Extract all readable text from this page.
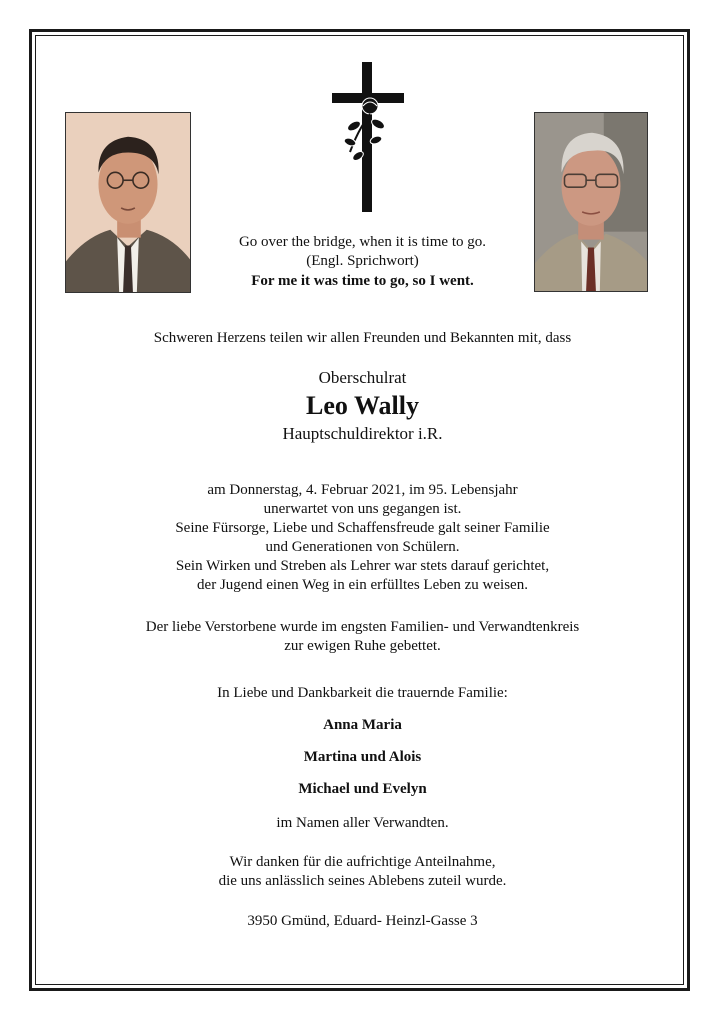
Go over the bridge, when it is time to go.
(Engl. Sprichwort)
For me it was time to go, so I went.
Schweren Herzens teilen wir allen Freunden und Bekannten mit, dass
Oberschulrat
Leo Wally
Hauptschuldirektor i.R.
am Donnerstag, 4. Februar 2021, im 95. Lebensjahr
unerwartet von uns gegangen ist.
Seine Fürsorge, Liebe und Schaffensfreude galt seiner Familie
und Generationen von Schülern.
Sein Wirken und Streben als Lehrer war stets darauf gerichtet,
der Jugend einen Weg in ein erfülltes Leben zu weisen.
Der liebe Verstorbene wurde im engsten Familien- und Verwandtenkreis
zur ewigen Ruhe gebettet.
In Liebe und Dankbarkeit die trauernde Familie:
Anna Maria
Martina und Alois
Michael und Evelyn
im Namen aller Verwandten.
Wir danken für die aufrichtige Anteilnahme,
die uns anlässlich seines Ablebens zuteil wurde.
3950 Gmünd, Eduard- Heinzl-Gasse 3
